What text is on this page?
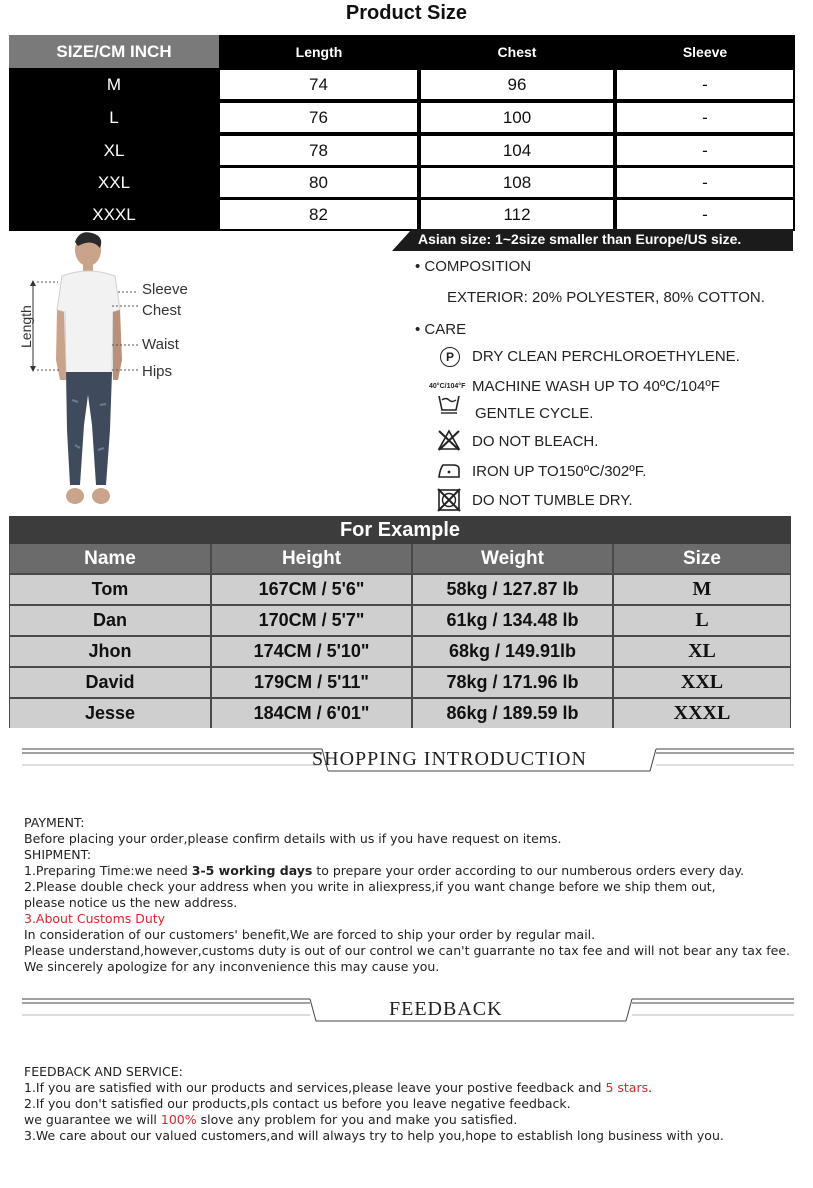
Product Size
SIZE/CM INCH	Length	Chest	Sleeve
M	74	96	-
L	76	100	-
XL	78	104	-
XXL	80	108	-
XXXL	82	112	-
Length
Sleeve
Chest
Waist
Hips
Asian size: 1~2size smaller than Europe/US size.
• COMPOSITION
EXTERIOR: 20% POLYESTER, 80% COTTON.
• CARE
P	DRY CLEAN PERCHLOROETHYLENE.
40°C/104°F MACHINE WASH UP TO 40ºC/104ºF
GENTLE CYCLE.
DO NOT BLEACH.
IRON UP TO150ºC/302ºF.
DO NOT TUMBLE DRY.
For Example
Name	Height	Weight	Size
Tom	167CM / 5'6"	58kg / 127.87 lb	M
Dan	170CM / 5'7"	61kg / 134.48 lb	L
Jhon	174CM / 5'10"	68kg / 149.91lb	XL
David	179CM / 5'11"	78kg / 171.96 lb	XXL
Jesse	184CM / 6'01"	86kg / 189.59 lb	XXXL
SHOPPING INTRODUCTION
PAYMENT:
Before placing your order,please confirm details with us if you have request on items.
SHIPMENT:
1.Preparing Time:we need 3-5 working days to prepare your order according to our numberous orders every day.
2.Please double check your address when you write in aliexpress,if you want change before we ship them out,
please notice us the new address.
3.About Customs Duty
In consideration of our customers' benefit,We are forced to ship your order by regular mail.
Please understand,however,customs duty is out of our control we can't guarrante no tax fee and will not bear any tax fee.
We sincerely apologize for any inconvenience this may cause you.
FEEDBACK
FEEDBACK AND SERVICE:
1.If you are satisfied with our products and services,please leave your postive feedback and 5 stars.
2.If you don't satisfied our products,pls contact us before you leave negative feedback.
we guarantee we will 100% slove any problem for you and make you satisfied.
3.We care about our valued customers,and will always try to help you,hope to establish long business with you.
